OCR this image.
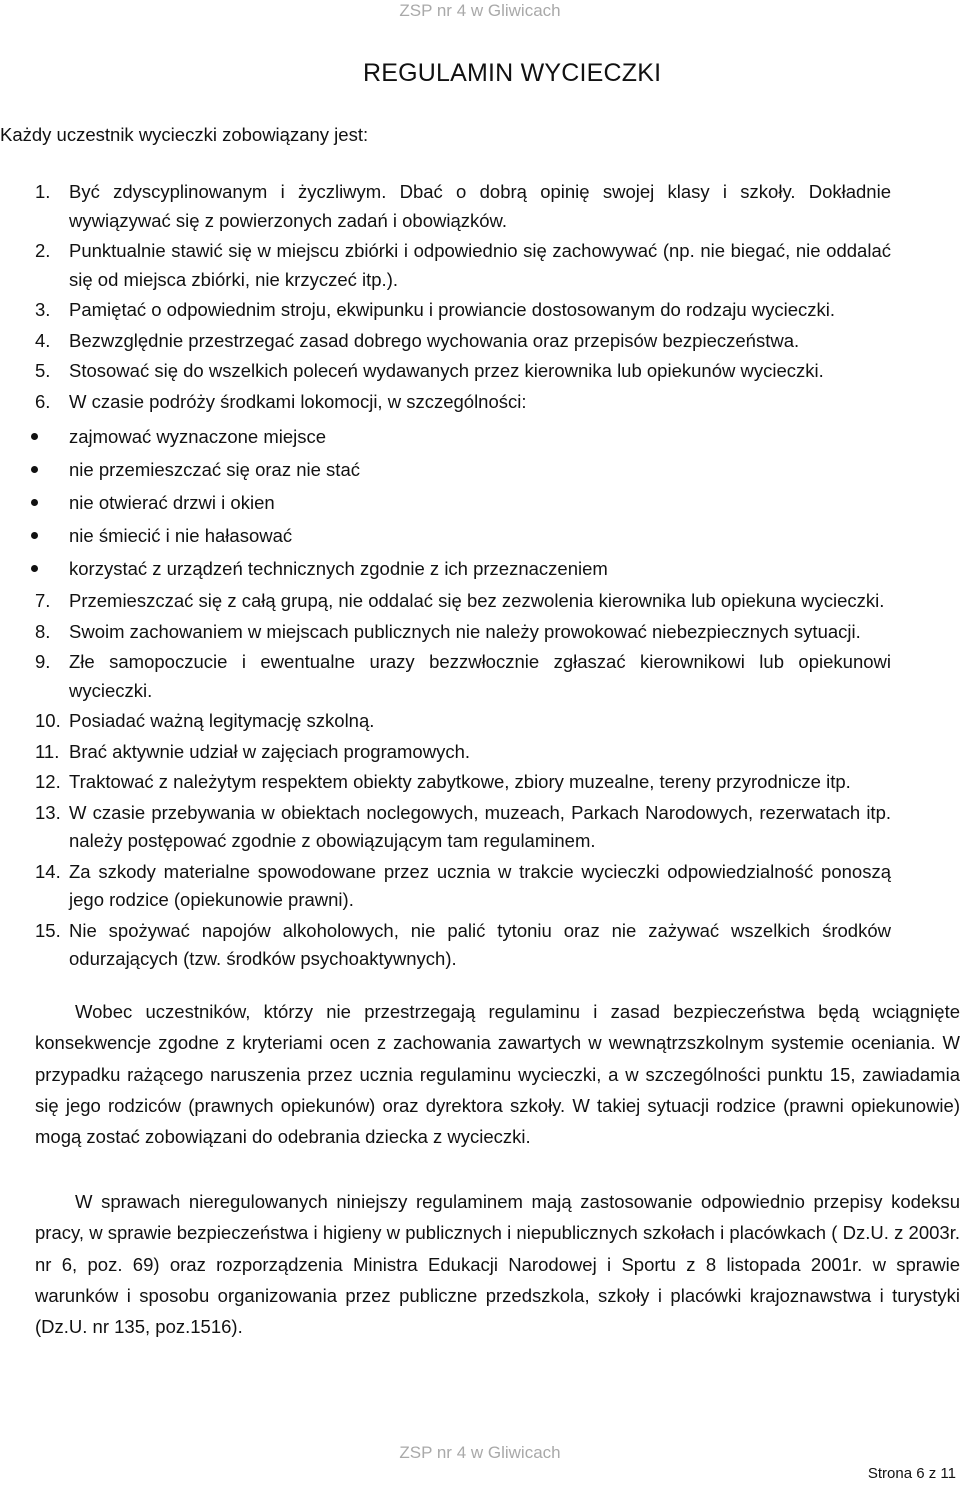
ZSP nr 4 w Gliwicach
REGULAMIN WYCIECZKI
Każdy uczestnik wycieczki zobowiązany jest:
1. Być zdyscyplinowanym i życzliwym. Dbać o dobrą opinię swojej klasy i szkoły. Dokładnie wywiązywać się z powierzonych zadań i obowiązków.
2. Punktualnie stawić się w miejscu zbiórki i odpowiednio się zachowywać (np. nie biegać, nie oddalać się od miejsca zbiórki, nie krzyczeć itp.).
3. Pamiętać o odpowiednim stroju, ekwipunku i prowiancie dostosowanym do rodzaju wycieczki.
4. Bezwzględnie przestrzegać zasad dobrego wychowania oraz przepisów bezpieczeństwa.
5. Stosować się do wszelkich poleceń wydawanych przez kierownika lub opiekunów wycieczki.
6. W czasie podróży środkami lokomocji, w szczególności:
zajmować wyznaczone miejsce
nie przemieszczać się oraz nie stać
nie otwierać drzwi i okien
nie śmiecić i nie hałasować
korzystać z urządzeń technicznych zgodnie z ich przeznaczeniem
7. Przemieszczać się z całą grupą, nie oddalać się bez zezwolenia kierownika lub opiekuna wycieczki.
8. Swoim zachowaniem w miejscach publicznych nie należy prowokować niebezpiecznych sytuacji.
9. Złe samopoczucie i ewentualne urazy bezzwłocznie zgłaszać kierownikowi lub opiekunowi wycieczki.
10. Posiadać ważną legitymację szkolną.
11. Brać aktywnie udział w zajęciach programowych.
12. Traktować z należytym respektem obiekty zabytkowe, zbiory muzealne, tereny przyrodnicze itp.
13. W czasie przebywania w obiektach noclegowych, muzeach, Parkach Narodowych, rezerwatach itp. należy postępować zgodnie z obowiązującym tam regulaminem.
14. Za szkody materialne spowodowane przez ucznia w trakcie wycieczki odpowiedzialność ponoszą jego rodzice (opiekunowie prawni).
15. Nie spożywać napojów alkoholowych, nie palić tytoniu oraz nie zażywać wszelkich środków odurzających (tzw. środków psychoaktywnych).

Wobec uczestników, którzy nie przestrzegają regulaminu i zasad bezpieczeństwa będą wciągnięte konsekwencje zgodne z kryteriami ocen z zachowania zawartych w wewnątrzszkolnym systemie oceniania. W przypadku rażącego naruszenia przez ucznia regulaminu wycieczki, a w szczególności punktu 15, zawiadamia się jego rodziców (prawnych opiekunów) oraz dyrektora szkoły. W takiej sytuacji rodzice (prawni opiekunowie) mogą zostać zobowiązani do odebrania dziecka z wycieczki.

W sprawach nieregulowanych niniejszy regulaminem mają zastosowanie odpowiednio przepisy kodeksu pracy, w sprawie bezpieczeństwa i higieny w publicznych i niepublicznych szkołach i placówkach ( Dz.U. z 2003r. nr 6, poz. 69) oraz rozporządzenia Ministra Edukacji Narodowej i Sportu z 8 listopada 2001r. w sprawie warunków i sposobu organizowania przez publiczne przedszkola, szkoły i placówki krajoznawstwa i turystyki (Dz.U. nr 135, poz.1516).

ZSP nr 4 w Gliwicach
Strona 6 z 11
